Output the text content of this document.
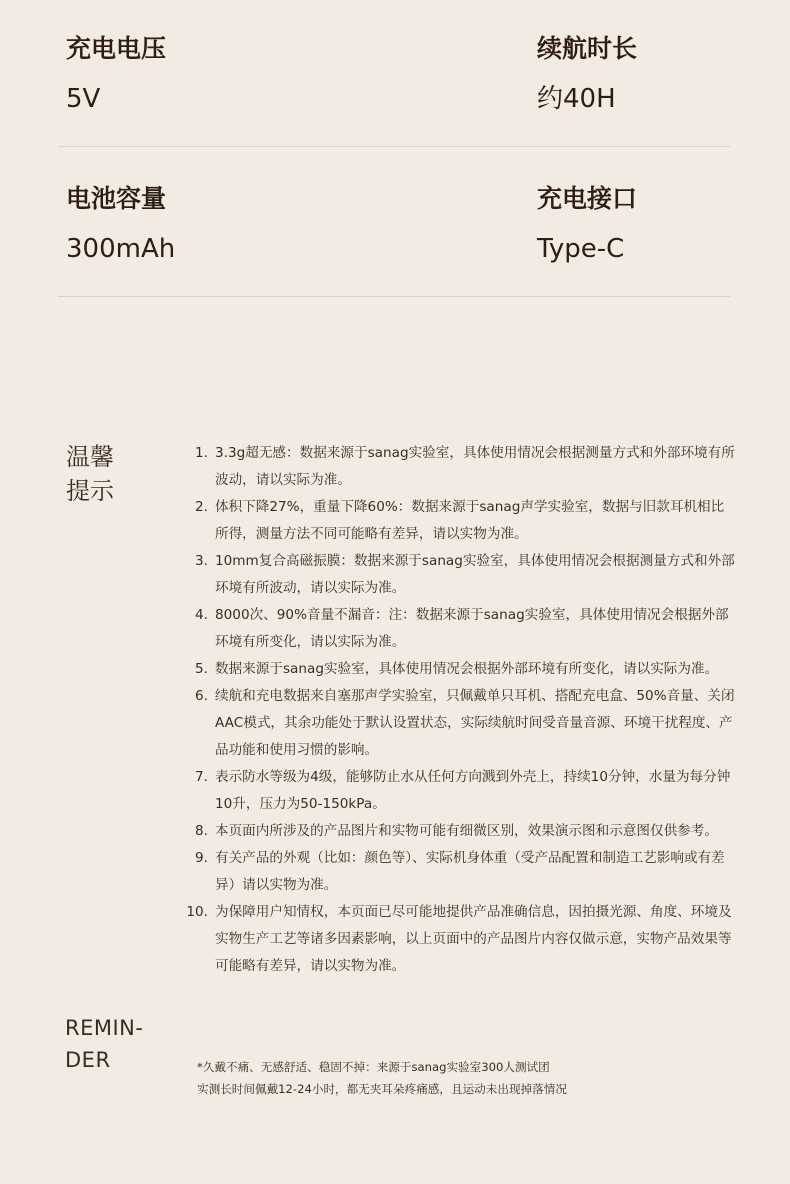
充电电压
5V
续航时长
约40H
电池容量
300mAh
充电接口
Type-C
温馨
提示
1. 3.3g超无感：数据来源于sanag实验室，具体使用情况会根据测量方式和外部环境有所波动，请以实际为准。
2. 体积下降27%，重量下降60%：数据来源于sanag声学实验室，数据与旧款耳机相比所得，测量方法不同可能略有差异，请以实物为准。
3. 10mm复合高磁振膜：数据来源于sanag实验室，具体使用情况会根据测量方式和外部环境有所波动，请以实际为准。
4. 8000次、90%音量不漏音：注：数据来源于sanag实验室，具体使用情况会根据外部环境有所变化，请以实际为准。
5. 数据来源于sanag实验室，具体使用情况会根据外部环境有所变化，请以实际为准。
6. 续航和充电数据来自塞那声学实验室，只佩戴单只耳机、搭配充电盒、50%音量、关闭AAC模式，其余功能处于默认设置状态，实际续航时间受音量音源、环境干扰程度、产品功能和使用习惯的影响。
7. 表示防水等级为4级，能够防止水从任何方向溅到外壳上，持续10分钟，水量为每分钟10升，压力为50-150kPa。
8. 本页面内所涉及的产品图片和实物可能有细微区别，效果演示图和示意图仅供参考。
9. 有关产品的外观（比如：颜色等）、实际机身体重（受产品配置和制造工艺影响或有差异）请以实物为准。
10. 为保障用户知情权，本页面已尽可能地提供产品准确信息，因拍摄光源、角度、环境及实物生产工艺等诸多因素影响，以上页面中的产品图片内容仅做示意，实物产品效果等可能略有差异，请以实物为准。
REMIN-
DER	*久戴不痛、无感舒适、稳固不掉：来源于sanag实验室300人测试团
实测长时间佩戴12-24小时，都无夹耳朵疼痛感，且运动未出现掉落情况
